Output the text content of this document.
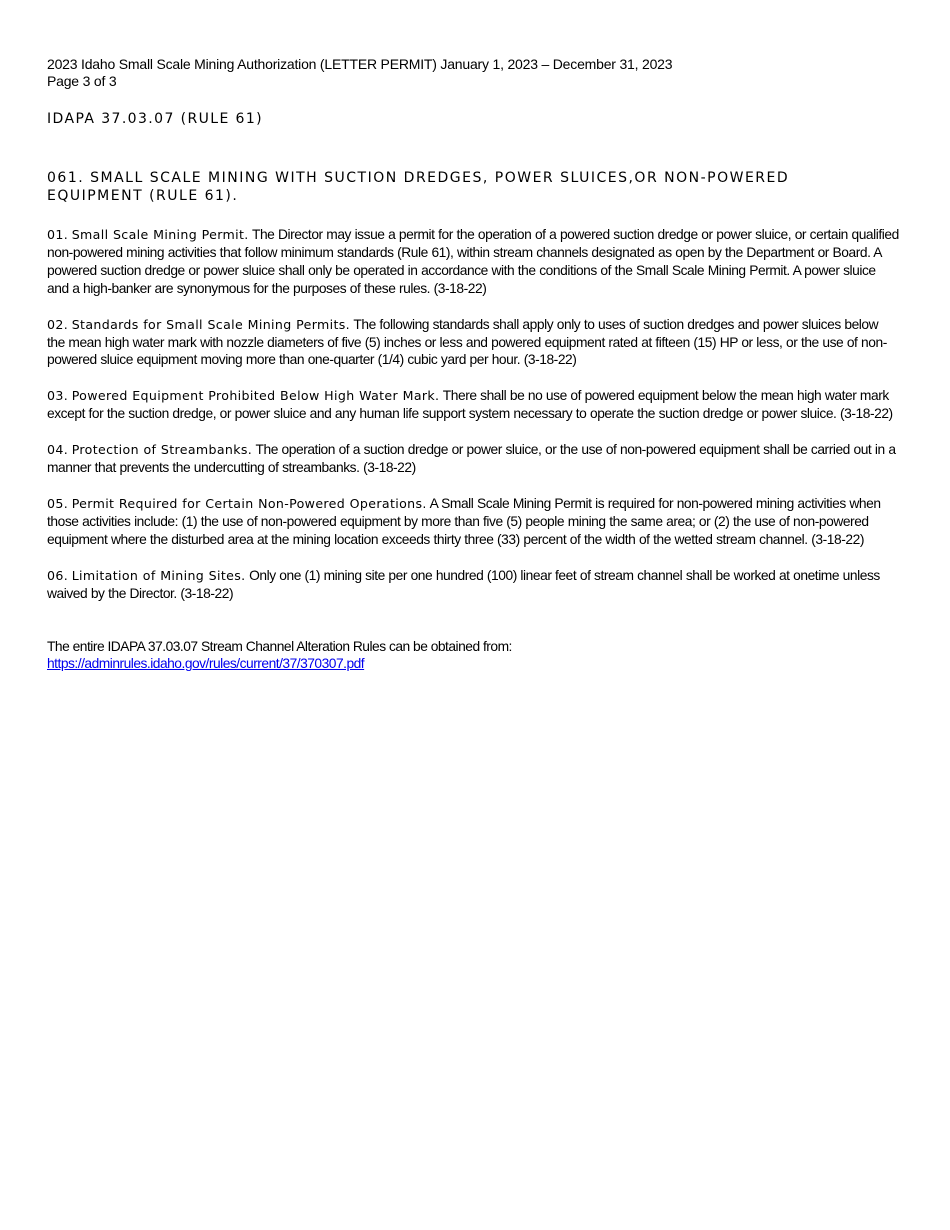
2023 Idaho Small Scale Mining Authorization (LETTER PERMIT) January 1, 2023 – December 31, 2023
Page 3 of 3
IDAPA 37.03.07 (RULE 61)
061. SMALL SCALE MINING WITH SUCTION DREDGES, POWER SLUICES,OR NON-POWERED EQUIPMENT (RULE 61).
01. Small Scale Mining Permit. The Director may issue a permit for the operation of a powered suction dredge or power sluice, or certain qualified non-powered mining activities that follow minimum standards (Rule 61), within stream channels designated as open by the Department or Board. A powered suction dredge or power sluice shall only be operated in accordance with the conditions of the Small Scale Mining Permit. A power sluice and a high-banker are synonymous for the purposes of these rules. (3-18-22)
02. Standards for Small Scale Mining Permits. The following standards shall apply only to uses of suction dredges and power sluices below the mean high water mark with nozzle diameters of five (5) inches or less and powered equipment rated at fifteen (15) HP or less, or the use of non-powered sluice equipment moving more than one-quarter (1/4) cubic yard per hour. (3-18-22)
03. Powered Equipment Prohibited Below High Water Mark. There shall be no use of powered equipment below the mean high water mark except for the suction dredge, or power sluice and any human life support system necessary to operate the suction dredge or power sluice. (3-18-22)
04. Protection of Streambanks. The operation of a suction dredge or power sluice, or the use of non-powered equipment shall be carried out in a manner that prevents the undercutting of streambanks. (3-18-22)
05. Permit Required for Certain Non-Powered Operations. A Small Scale Mining Permit is required for non-powered mining activities when those activities include: (1) the use of non-powered equipment by more than five (5) people mining the same area; or (2) the use of non-powered equipment where the disturbed area at the mining location exceeds thirty three (33) percent of the width of the wetted stream channel. (3-18-22)
06. Limitation of Mining Sites. Only one (1) mining site per one hundred (100) linear feet of stream channel shall be worked at onetime unless waived by the Director. (3-18-22)
The entire IDAPA 37.03.07 Stream Channel Alteration Rules can be obtained from:
https://adminrules.idaho.gov/rules/current/37/370307.pdf
